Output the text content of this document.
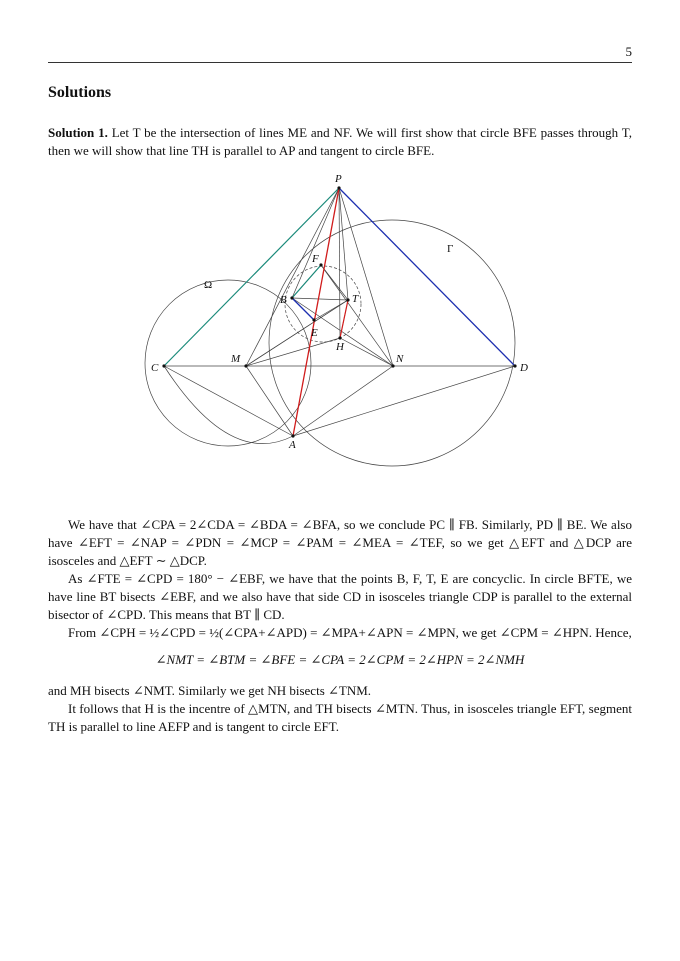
5
Solutions

Solution 1. Let T be the intersection of lines ME and NF. We will first show that circle BFE passes through T, then we will show that line TH is parallel to AP and tangent to circle BFE.

P
F
B	T
E
H
M	N
C	D
A
Ω
Γ

We have that ∠CPA = 2∠CDA = ∠BDA = ∠BFA, so we conclude PC ∥ FB. Similarly, PD ∥ BE. We also have ∠EFT = ∠NAP = ∠PDN = ∠MCP = ∠PAM = ∠MEA = ∠TEF, so we get △EFT and △DCP are isosceles and △EFT ∼ △DCP.

As ∠FTE = ∠CPD = 180° − ∠EBF, we have that the points B, F, T, E are concyclic. In circle BFTE, we have line BT bisects ∠EBF, and we also have that side CD in isosceles triangle CDP is parallel to the external bisector of ∠CPD. This means that BT ∥ CD.

From ∠CPH = ½∠CPD = ½(∠CPA+∠APD) = ∠MPA+∠APN = ∠MPN, we get ∠CPM = ∠HPN. Hence,

∠NMT = ∠BTM = ∠BFE = ∠CPA = 2∠CPM = 2∠HPN = 2∠NMH

and MH bisects ∠NMT. Similarly we get NH bisects ∠TNM.

It follows that H is the incentre of △MTN, and TH bisects ∠MTN. Thus, in isosceles triangle EFT, segment TH is parallel to line AEFP and is tangent to circle EFT.
